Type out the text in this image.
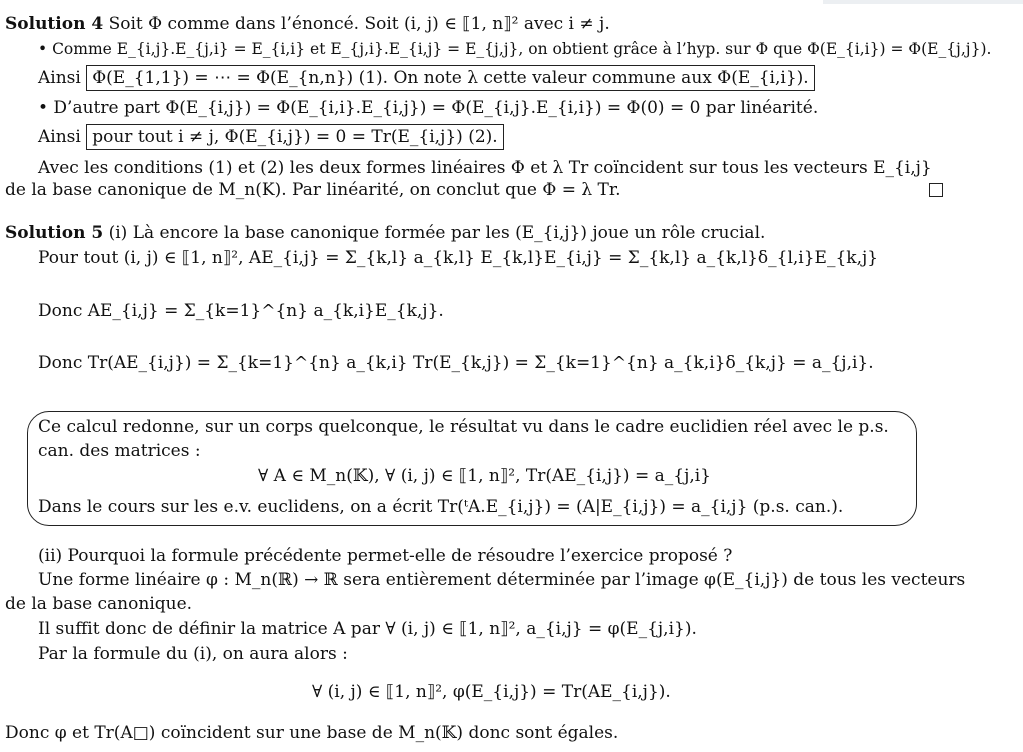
Solution 4 Soit Φ comme dans l’énoncé. Soit (i, j) ∈ ⟦1, n⟧² avec i ≠ j.
• Comme E_{i,j}.E_{j,i} = E_{i,i} et E_{j,i}.E_{i,j} = E_{j,j}, on obtient grâce à l’hyp. sur Φ que Φ(E_{i,i}) = Φ(E_{j,j}).
Ainsi Φ(E_{1,1}) = ⋯ = Φ(E_{n,n}) (1). On note λ cette valeur commune aux Φ(E_{i,i}).
• D’autre part Φ(E_{i,j}) = Φ(E_{i,i}.E_{i,j}) = Φ(E_{i,j}.E_{i,i}) = Φ(0) = 0 par linéarité.
Ainsi pour tout i ≠ j, Φ(E_{i,j}) = 0 = Tr(E_{i,j}) (2).
Avec les conditions (1) et (2) les deux formes linéaires Φ et λ Tr coïncident sur tous les vecteurs E_{i,j}
de la base canonique de M_n(K). Par linéarité, on conclut que Φ = λ Tr.
Solution 5 (i) Là encore la base canonique formée par les (E_{i,j}) joue un rôle crucial.
Pour tout (i, j) ∈ ⟦1, n⟧², AE_{i,j} = Σ_{k,l} a_{k,l} E_{k,l}E_{i,j} = Σ_{k,l} a_{k,l}δ_{l,i}E_{k,j}
Donc AE_{i,j} = Σ_{k=1}^{n} a_{k,i}E_{k,j}.
Donc Tr(AE_{i,j}) = Σ_{k=1}^{n} a_{k,i} Tr(E_{k,j}) = Σ_{k=1}^{n} a_{k,i}δ_{k,j} = a_{j,i}.
Ce calcul redonne, sur un corps quelconque, le résultat vu dans le cadre euclidien réel avec le p.s.
can. des matrices :
∀ A ∈ M_n(𝕂), ∀ (i, j) ∈ ⟦1, n⟧², Tr(AE_{i,j}) = a_{j,i}
Dans le cours sur les e.v. euclidens, on a écrit Tr(ᵗA.E_{i,j}) = (A|E_{i,j}) = a_{i,j} (p.s. can.).
(ii) Pourquoi la formule précédente permet-elle de résoudre l’exercice proposé ?
Une forme linéaire φ : M_n(ℝ) → ℝ sera entièrement déterminée par l’image φ(E_{i,j}) de tous les vecteurs
de la base canonique.
Il suffit donc de définir la matrice A par ∀ (i, j) ∈ ⟦1, n⟧², a_{i,j} = φ(E_{j,i}).
Par la formule du (i), on aura alors :
∀ (i, j) ∈ ⟦1, n⟧², φ(E_{i,j}) = Tr(AE_{i,j}).
Donc φ et Tr(A□) coïncident sur une base de M_n(𝕂) donc sont égales.
